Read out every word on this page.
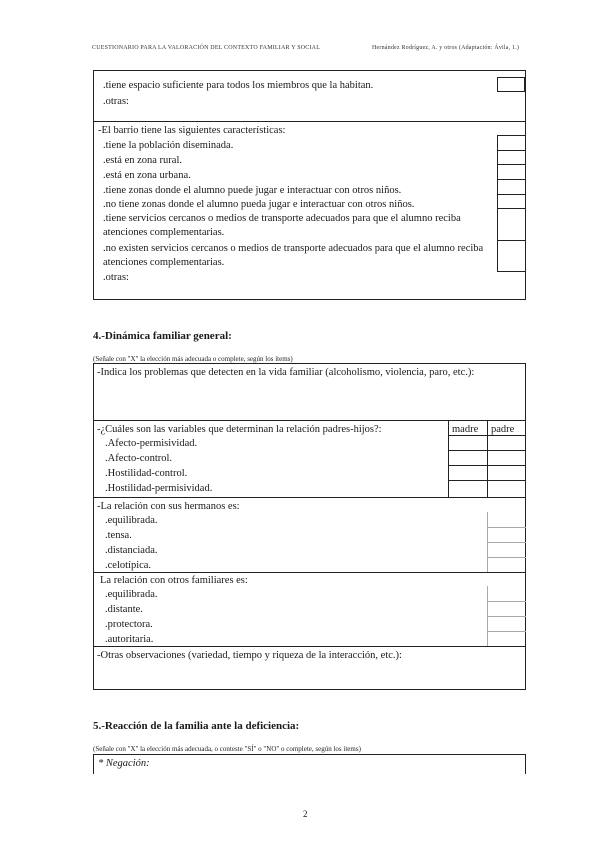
CUESTIONARIO PARA LA VALORACIÓN DEL CONTEXTO FAMILIAR Y SOCIAL	Hernández Rodríguez, A. y otros (Adaptación: Ávila, 1.)
.tiene espacio suficiente para todos los miembros que la habitan.
.otras:
-El barrio tiene las siguientes características:
.tiene la población diseminada.
.está en zona rural.
.está en zona urbana.
.tiene zonas donde el alumno puede jugar e interactuar con otros niños.
.no tiene zonas donde el alumno pueda jugar e interactuar con otros niños.
.tiene servicios cercanos o medios de transporte adecuados para que el alumno reciba atenciones complementarias.
.no existen servicios cercanos o medios de transporte adecuados para que el alumno reciba atenciones complementarias.
.otras:
4.-Dinámica familiar general:
(Señale con "X" la elección más adecuada o complete, según los ítems)
-Indica los problemas que detecten en la vida familiar (alcoholismo, violencia, paro, etc.):
-¿Cuáles son las variables que determinan la relación padres-hijos?:	madre padre
.Afecto-permisividad.
.Afecto-control.
.Hostilidad-control.
.Hostilidad-permisividad.
-La relación con sus hermanos es:
.equilibrada.
.tensa.
.distanciada.
.celotípica.
La relación con otros familiares es:
.equilibrada.
.distante.
.protectora.
.autoritaria.
-Otras observaciones (variedad, tiempo y riqueza de la interacción, etc.):
5.-Reacción de la familia ante la deficiencia:
(Señale con "X" la elección más adecuada, o conteste "SÍ" o "NO" o complete, según los ítems)
* Negación:
2
